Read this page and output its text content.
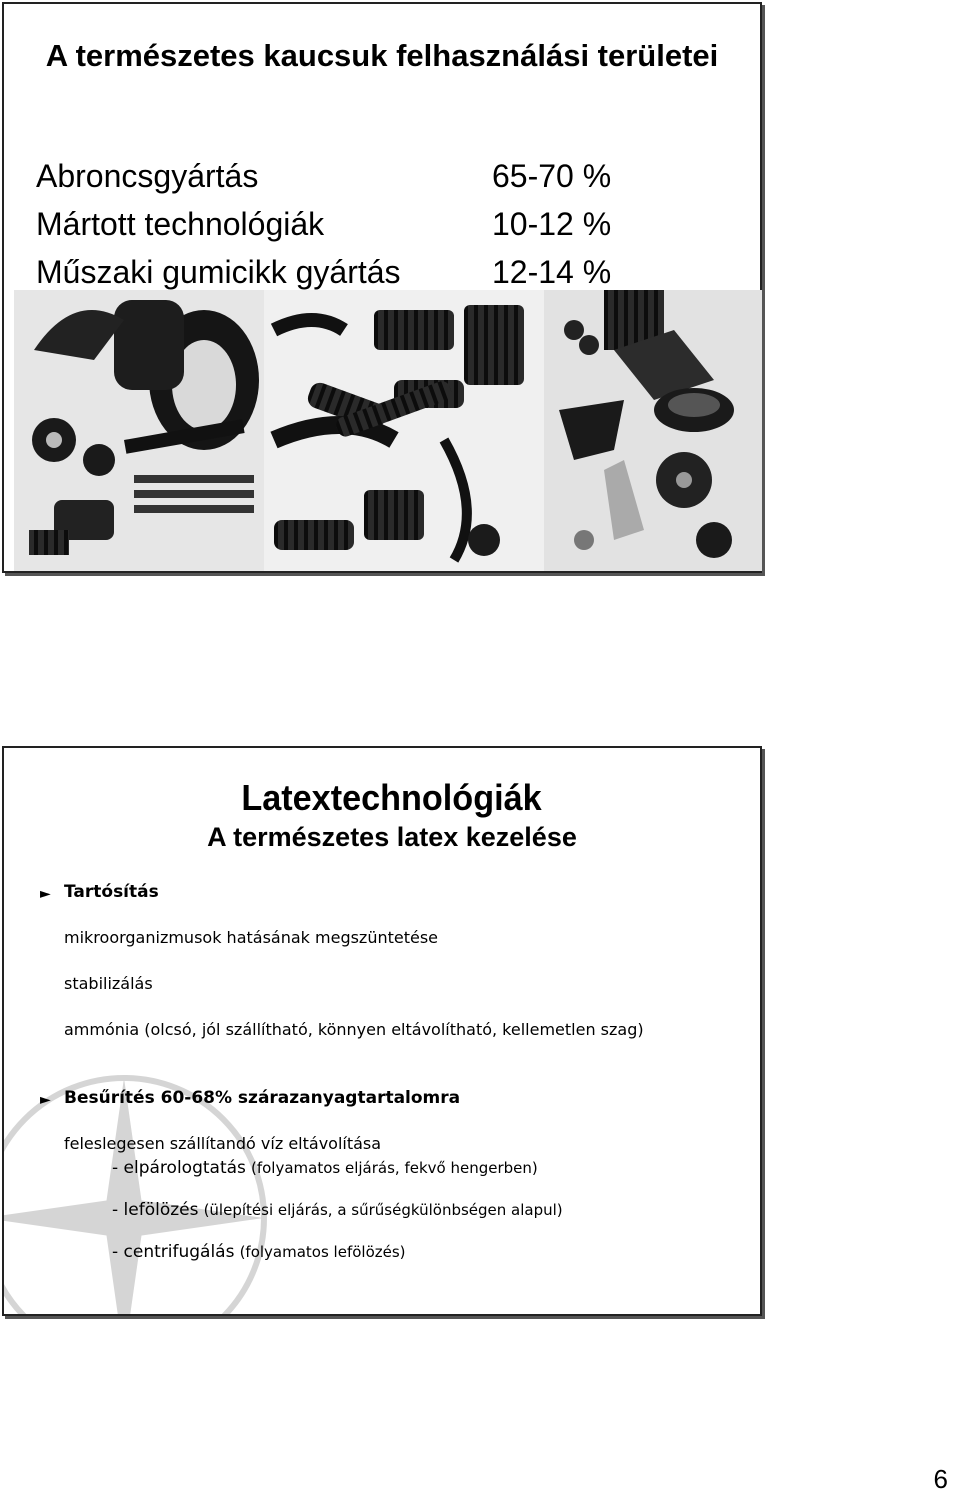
A természetes kaucsuk felhasználási területei
Abroncsgyártás	65-70 %
Mártott technológiák	10-12 %
Műszaki gumicikk gyártás	12-14 %
Latextechnológiák
A természetes latex kezelése
► Tartósítás
mikroorganizmusok hatásának megszüntetése
stabilizálás
ammónia (olcsó, jól szállítható, könnyen eltávolítható, kellemetlen szag)
► Besűrítés 60-68% szárazanyagtartalomra
feleslegesen szállítandó víz eltávolítása
- elpárologtatás (folyamatos eljárás, fekvő hengerben)
- lefölözés (ülepítési eljárás, a sűrűségkülönbségen alapul)
- centrifugálás (folyamatos lefölözés)
6
